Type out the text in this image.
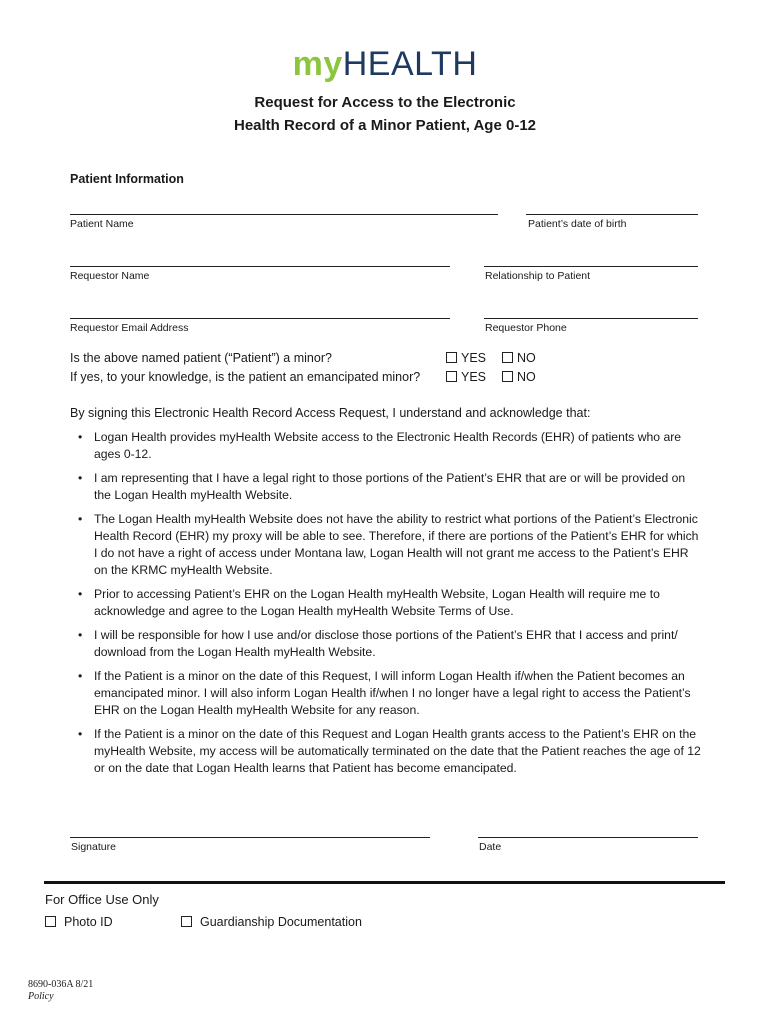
myHEALTH
Request for Access to the Electronic
Health Record of a Minor Patient, Age 0-12
Patient Information
Patient Name	Patient’s date of birth
Requestor Name	Relationship to Patient
Requestor Email Address	Requestor Phone
Is the above named patient (“Patient”) a minor?	YES	NO
If yes, to your knowledge, is the patient an emancipated minor?	YES	NO
By signing this Electronic Health Record Access Request, I understand and acknowledge that:
• Logan Health provides myHealth Website access to the Electronic Health Records (EHR) of patients who are ages 0-12.
• I am representing that I have a legal right to those portions of the Patient’s EHR that are or will be provided on the Logan Health myHealth Website.
• The Logan Health myHealth Website does not have the ability to restrict what portions of the Patient’s Electronic Health Record (EHR) my proxy will be able to see. Therefore, if there are portions of the Patient’s EHR for which I do not have a right of access under Montana law, Logan Health will not grant me access to the Patient’s EHR on the KRMC myHealth Website.
• Prior to accessing Patient’s EHR on the Logan Health myHealth Website, Logan Health will require me to acknowledge and agree to the Logan Health myHealth Website Terms of Use.
• I will be responsible for how I use and/or disclose those portions of the Patient’s EHR that I access and print/ download from the Logan Health myHealth Website.
• If the Patient is a minor on the date of this Request, I will inform Logan Health if/when the Patient becomes an emancipated minor. I will also inform Logan Health if/when I no longer have a legal right to access the Patient’s EHR on the Logan Health myHealth Website for any reason.
• If the Patient is a minor on the date of this Request and Logan Health grants access to the Patient’s EHR on the myHealth Website, my access will be automatically terminated on the date that the Patient reaches the age of 12 or on the date that Logan Health learns that Patient has become emancipated.
Signature	Date
For Office Use Only
Photo ID	Guardianship Documentation
8690-036A 8/21
Policy
